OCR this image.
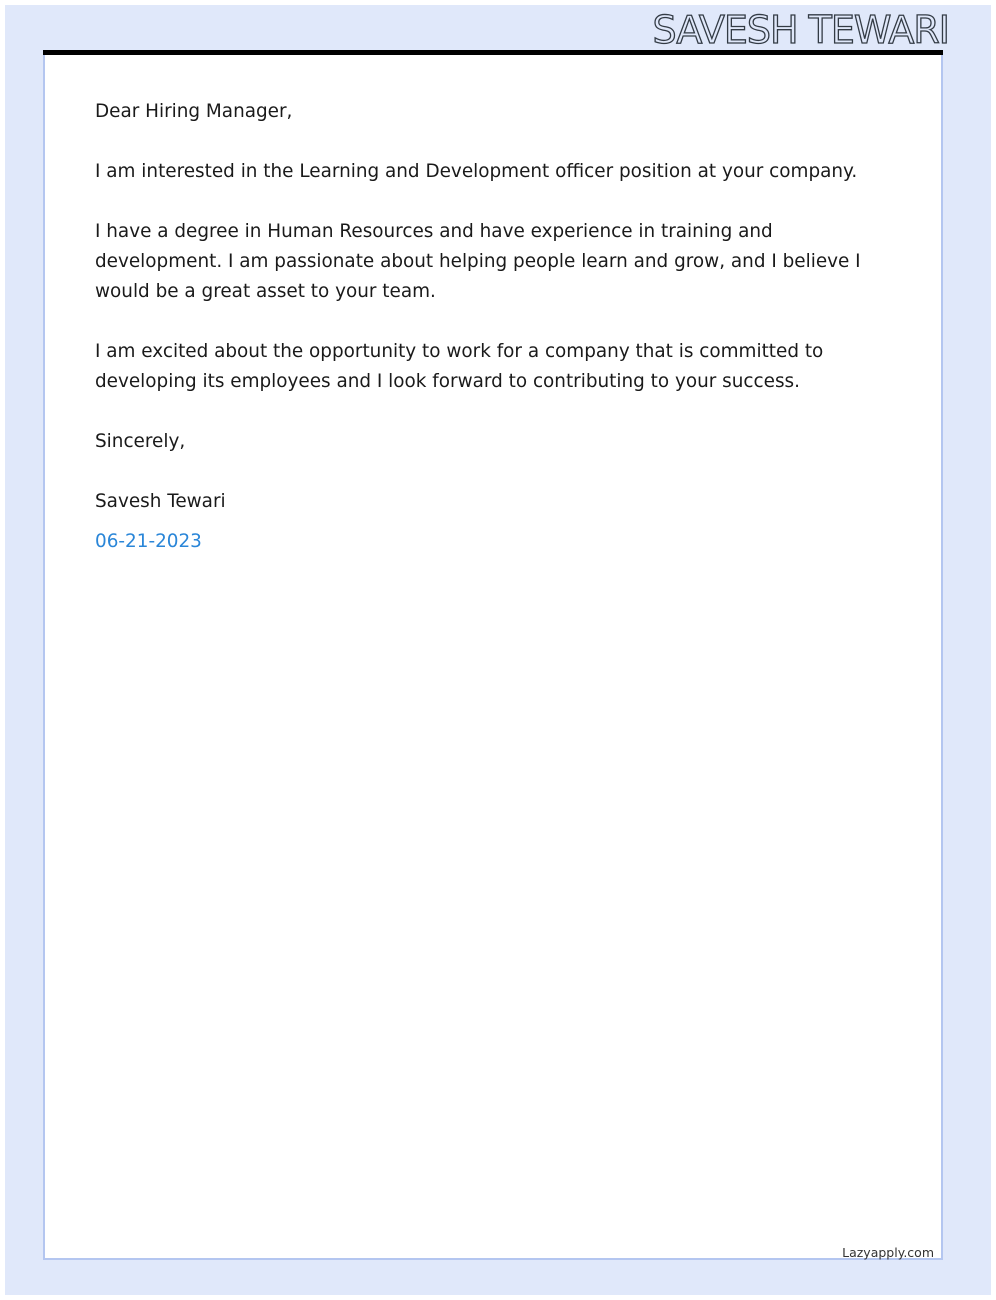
SAVESH TEWARI

Dear Hiring Manager,

I am interested in the Learning and Development officer position at your company.

I have a degree in Human Resources and have experience in training and development. I am passionate about helping people learn and grow, and I believe I would be a great asset to your team.

I am excited about the opportunity to work for a company that is committed to developing its employees and I look forward to contributing to your success.

Sincerely,

Savesh Tewari

06-21-2023

Lazyapply.com
